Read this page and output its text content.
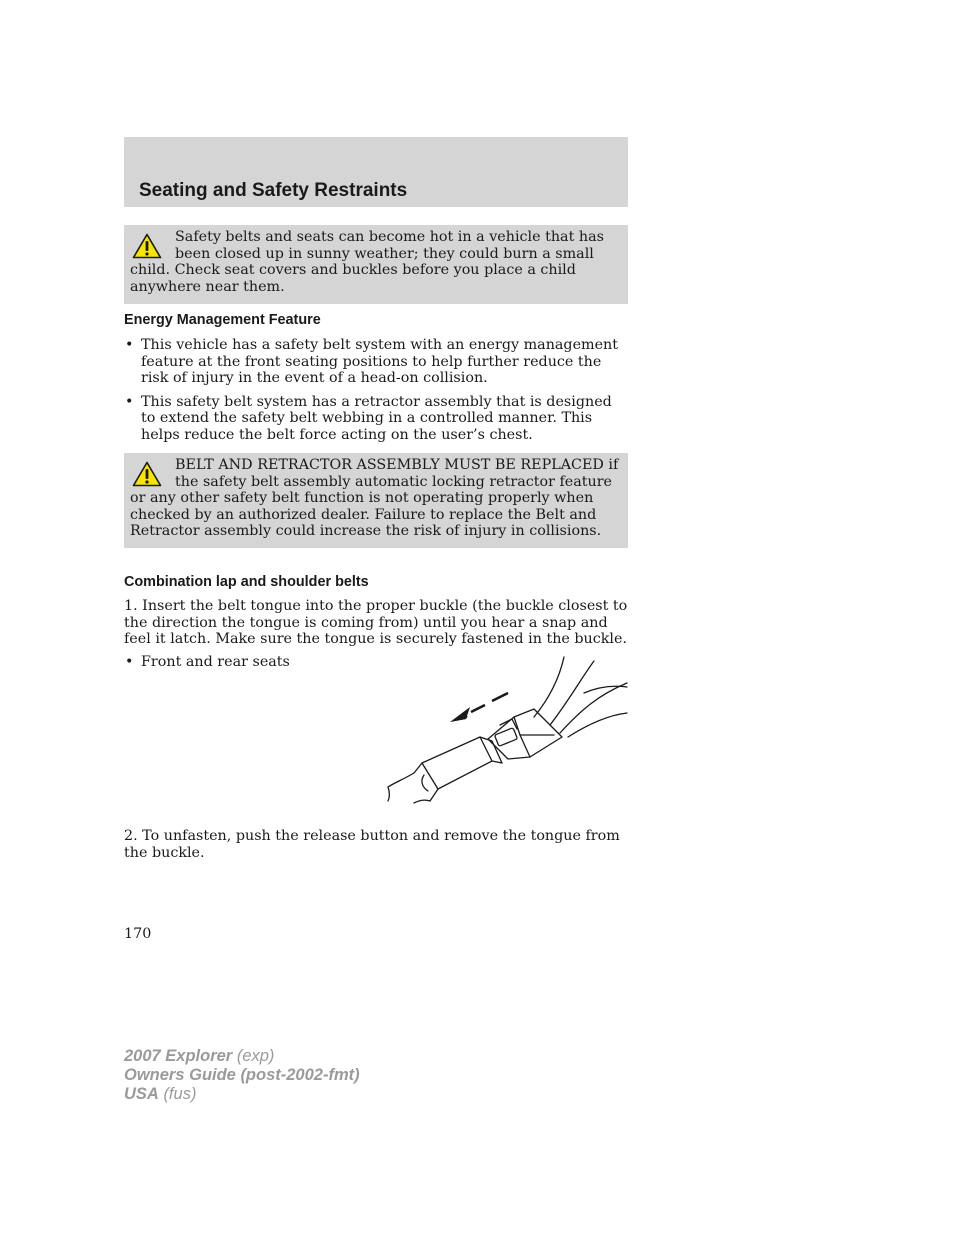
Seating and Safety Restraints

Safety belts and seats can become hot in a vehicle that has been closed up in sunny weather; they could burn a small child. Check seat covers and buckles before you place a child anywhere near them.

Energy Management Feature
• This vehicle has a safety belt system with an energy management feature at the front seating positions to help further reduce the risk of injury in the event of a head-on collision.
• This safety belt system has a retractor assembly that is designed to extend the safety belt webbing in a controlled manner. This helps reduce the belt force acting on the user’s chest.

BELT AND RETRACTOR ASSEMBLY MUST BE REPLACED if the safety belt assembly automatic locking retractor feature or any other safety belt function is not operating properly when checked by an authorized dealer. Failure to replace the Belt and Retractor assembly could increase the risk of injury in collisions.

Combination lap and shoulder belts

1. Insert the belt tongue into the proper buckle (the buckle closest to the direction the tongue is coming from) until you hear a snap and feel it latch. Make sure the tongue is securely fastened in the buckle.

• Front and rear seats

2. To unfasten, push the release button and remove the tongue from the buckle.

170
2007 Explorer (exp)
Owners Guide (post-2002-fmt)
USA (fus)
